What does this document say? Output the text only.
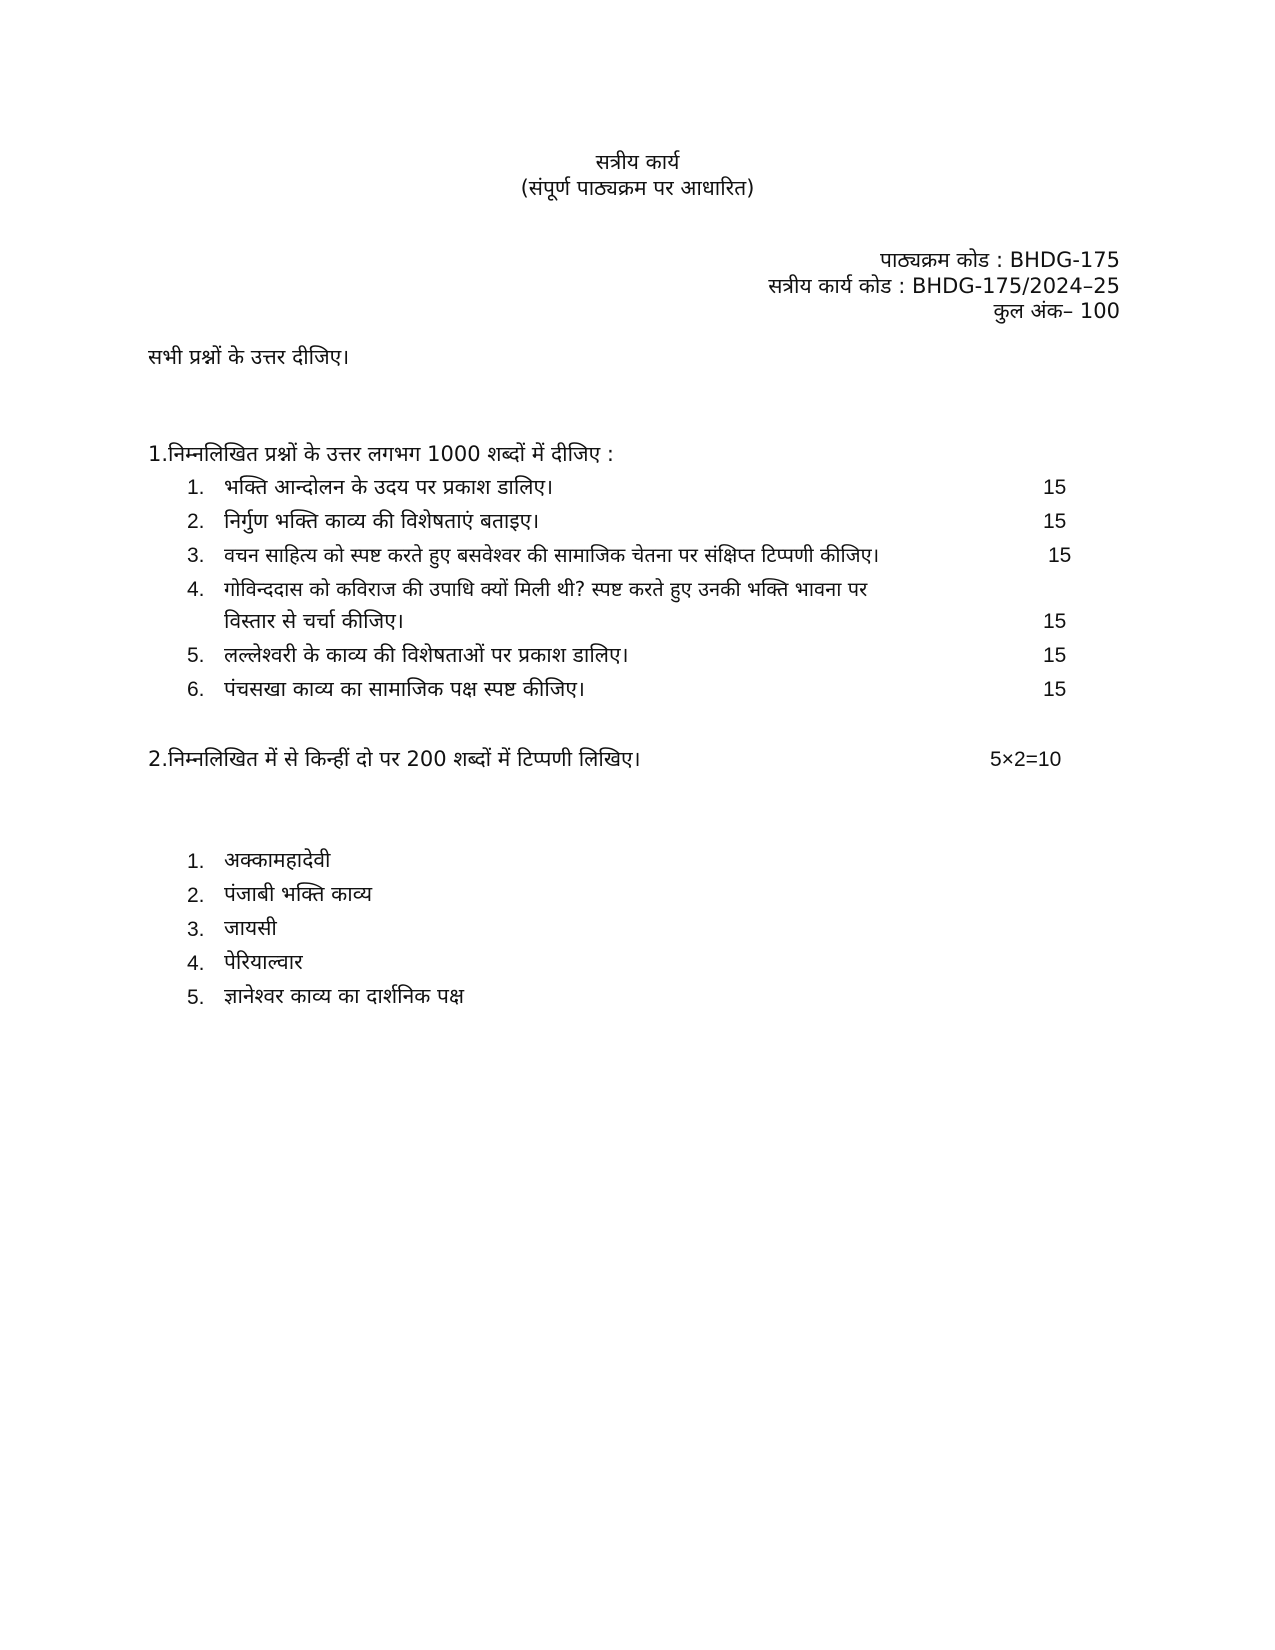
सत्रीय कार्य
(संपूर्ण पाठ्यक्रम पर आधारित)
पाठ्यक्रम कोड : BHDG-175
सत्रीय कार्य कोड : BHDG-175/2024–25
कुल अंक– 100
सभी प्रश्नों के उत्तर दीजिए।
1.निम्नलिखित प्रश्नों के उत्तर लगभग 1000 शब्दों में दीजिए :
1. भक्ति आन्दोलन के उदय पर प्रकाश डालिए।	15
2. निर्गुण भक्ति काव्य की विशेषताएं बताइए।	15
3. वचन साहित्य को स्पष्ट करते हुए बसवेश्वर की सामाजिक चेतना पर संक्षिप्त टिप्पणी कीजिए।	15
4. गोविन्ददास को कविराज की उपाधि क्यों मिली थी? स्पष्ट करते हुए उनकी भक्ति भावना पर
विस्तार से चर्चा कीजिए।	15
5. लल्लेश्वरी के काव्य की विशेषताओं पर प्रकाश डालिए।	15
6. पंचसखा काव्य का सामाजिक पक्ष स्पष्ट कीजिए।	15
2.निम्नलिखित में से किन्हीं दो पर 200 शब्दों में टिप्पणी लिखिए।	5×2=10
1. अक्कामहादेवी
2. पंजाबी भक्ति काव्य
3. जायसी
4. पेरियाल्वार
5. ज्ञानेश्वर काव्य का दार्शनिक पक्ष
